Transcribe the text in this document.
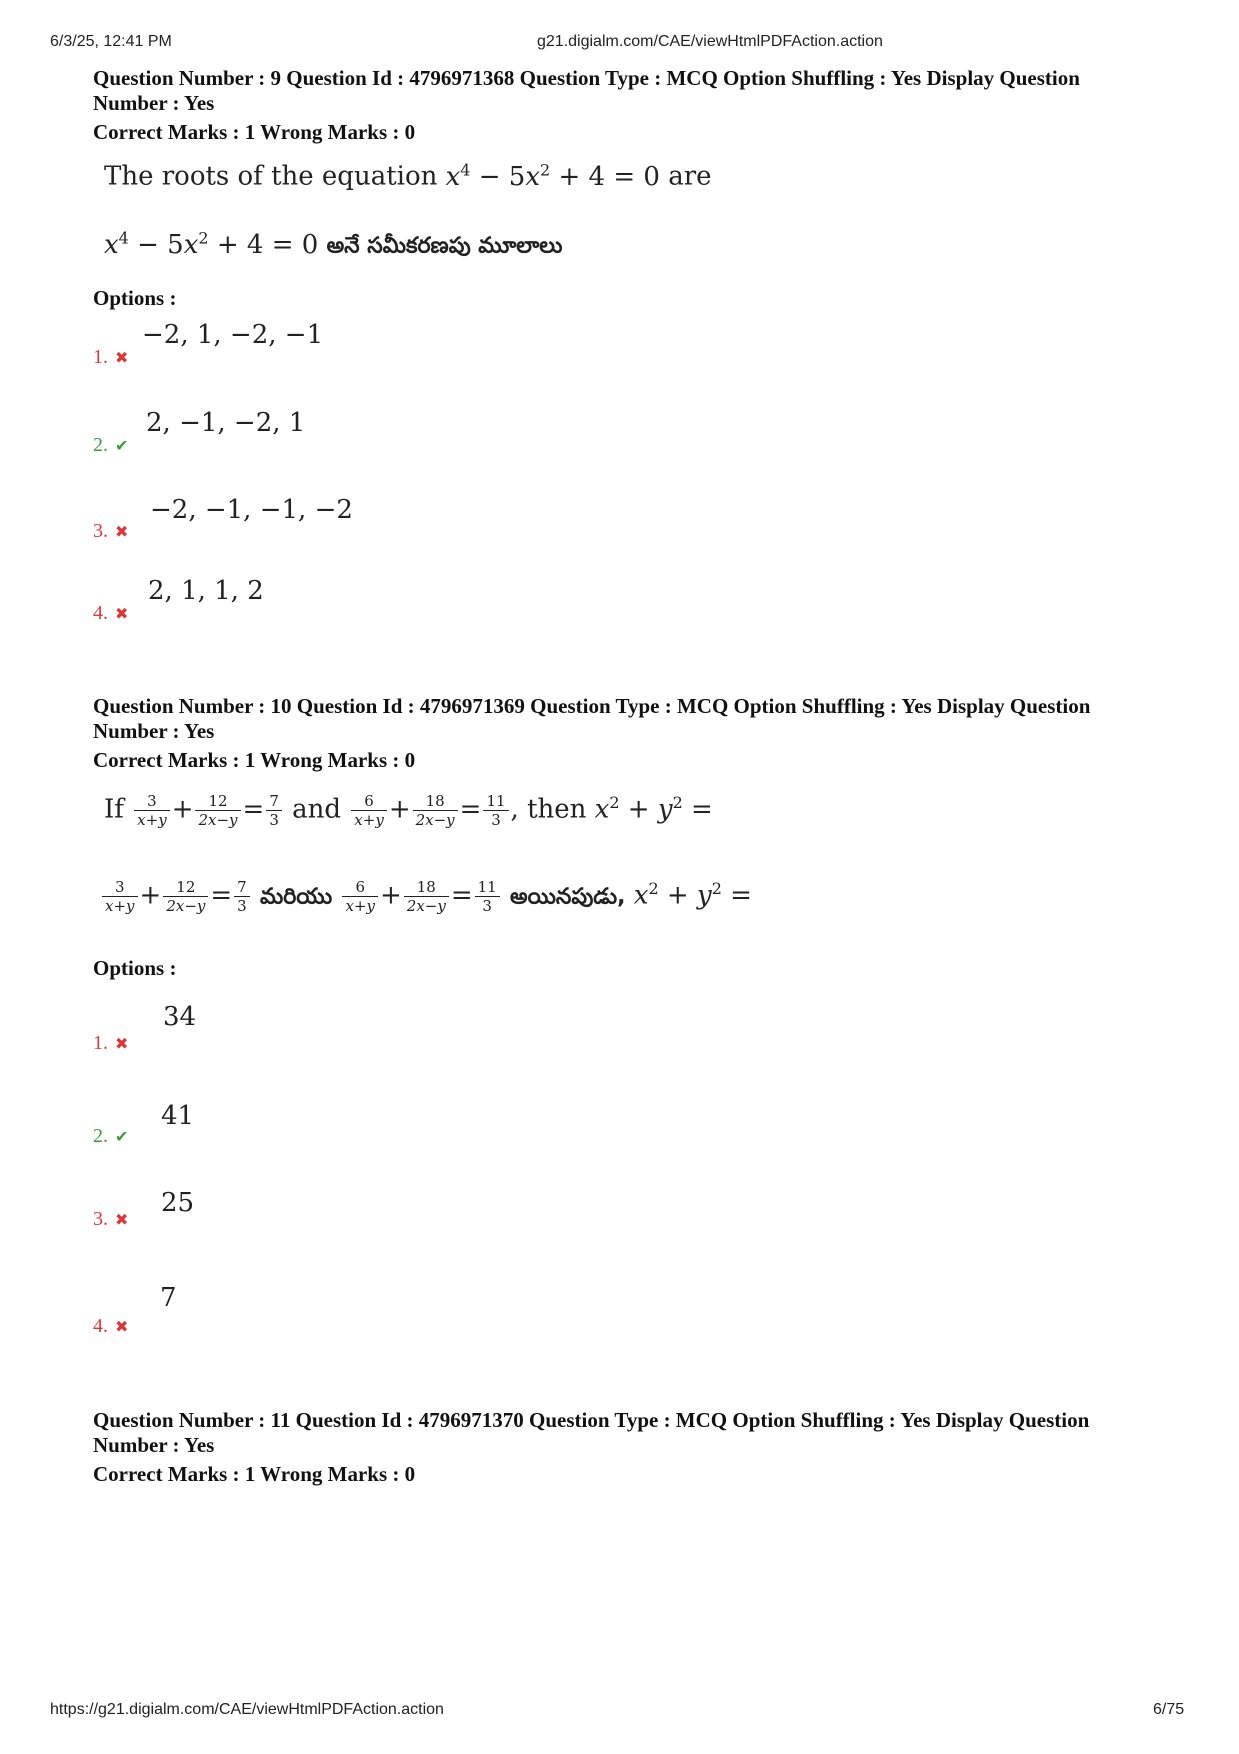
6/3/25, 12:41 PM	g21.digialm.com/CAE/viewHtmlPDFAction.action
Question Number : 9 Question Id : 4796971368 Question Type : MCQ Option Shuffling : Yes Display Question
Number : Yes
Correct Marks : 1 Wrong Marks : 0
The roots of the equation $x^4 - 5x^2 + 4 = 0$ are
$x^4 - 5x^2 + 4 = 0$ అనే సమీకరణపు మూలాలు
Options :
1. ✖
−2, 1, −2, −1
2. ✔
2, −1, −2, 1
3. ✖
−2, −1, −1, −2
4. ✖
2, 1, 1, 2
Question Number : 10 Question Id : 4796971369 Question Type : MCQ Option Shuffling : Yes Display Question
Number : Yes
Correct Marks : 1 Wrong Marks : 0
If $\frac{3}{x+y} + \frac{12}{2x-y} = \frac{7}{3}$ and $\frac{6}{x+y} + \frac{18}{2x-y} = \frac{11}{3}$ , then $x^2 + y^2$ =
$\frac{3}{x+y} + \frac{12}{2x-y} = \frac{7}{3}$ మరియు $\frac{6}{x+y} + \frac{18}{2x-y} = \frac{11}{3}$ అయినపుడు, $x^2 + y^2$ =
Options :
1. ✖
34
2. ✔
41
3. ✖
25
4. ✖
7
Question Number : 11 Question Id : 4796971370 Question Type : MCQ Option Shuffling : Yes Display Question
Number : Yes
Correct Marks : 1 Wrong Marks : 0
https://g21.digialm.com/CAE/viewHtmlPDFAction.action	6/75
